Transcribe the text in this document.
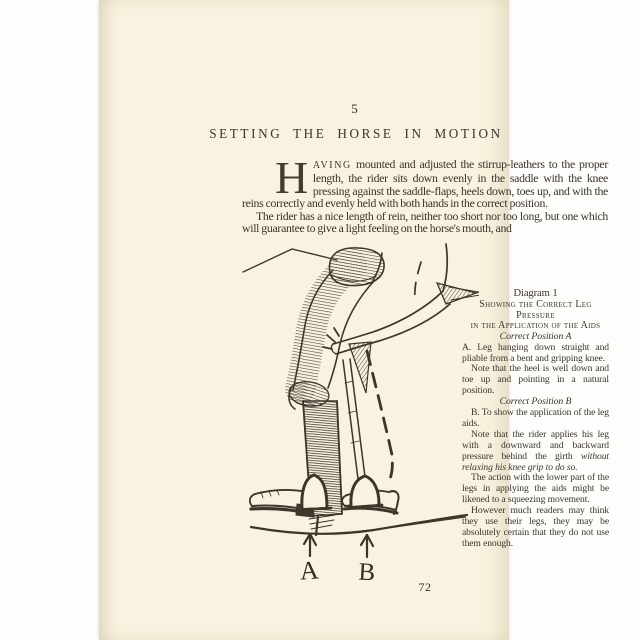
5
SETTING THE HORSE IN MOTION

HAVING mounted and adjusted the stirrup-leathers to the proper length, the rider sits down evenly in the saddle with the knee pressing against the saddle-flaps, heels down, toes up, and with the reins correctly and evenly held with both hands in the correct position.

The rider has a nice length of rein, neither too short nor too long, but one which will guarantee to give a light feeling on the horse's mouth, and

Diagram 1

Showing the Correct Leg Pressure

in the Application of the Aids

Correct Position A

A. Leg hanging down straight and pliable from a bent and gripping knee.

Note that the heel is well down and toe up and pointing in a natural position.

Correct Position B

B. To show the application of the leg aids.

Note that the rider applies his leg with a downward and backward pressure behind the girth without relaxing his knee grip to do so.

The action with the lower part of the legs in applying the aids might be likened to a squeezing movement.

However much readers may think they use their legs, they may be absolutely certain that they do not use them enough.

A B
72
